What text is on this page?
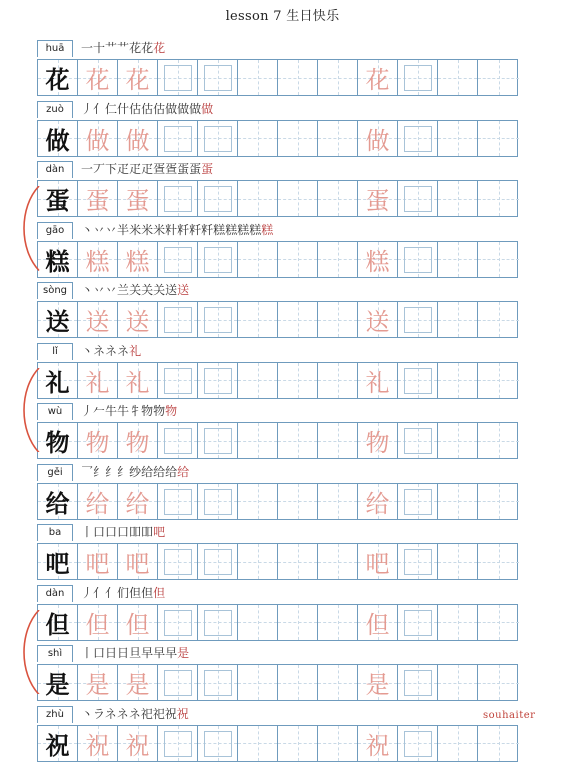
lesson 7 生日快乐
huā	一十艹艹花花花
花 花 花	花
zuò	丿亻仁什估估估做做做做
做 做 做	做
dàn	一丆下疋疋疋疍疍蛋蛋蛋
蛋 蛋 蛋	蛋
gāo	丶丷丷半米米米籵粁粁粁糕糕糕糕糕
糕 糕 糕	糕
sòng	丶丷丷兰关关关送送
送 送 送	送
lǐ	丶ネネネ礼
礼 礼 礼	礼
wù	丿𠂉牛牛牜物物物
物 物 物	物
gěi	乛纟纟纟纱给给给给
给 给 给	给
ba	丨口口口吅吅吧
吧 吧 吧	吧
dàn	丿亻亻们但但但
但 但 但	但
shì	丨口日日旦早早早是
是 是 是	是
zhù	丶ラネネネ祀祀祝祝
祝 祝 祝	祝
souhaiter
